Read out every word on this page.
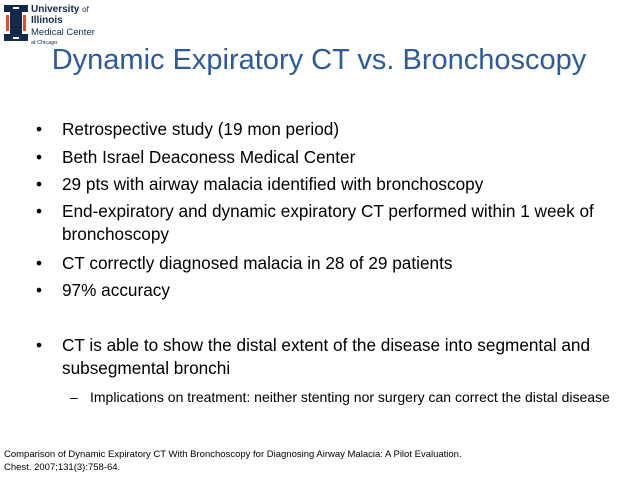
University of
Illinois
Medical Center
at Chicago
Dynamic Expiratory CT vs. Bronchoscopy
• Retrospective study (19 mon period)
• Beth Israel Deaconess Medical Center
• 29 pts with airway malacia identified with bronchoscopy
• End-expiratory and dynamic expiratory CT performed within 1 week of bronchoscopy
• CT correctly diagnosed malacia in 28 of 29 patients
• 97% accuracy
• CT is able to show the distal extent of the disease into segmental and subsegmental bronchi
– Implications on treatment: neither stenting nor surgery can correct the distal disease
Comparison of Dynamic Expiratory CT With Bronchoscopy for Diagnosing Airway Malacia: A Pilot Evaluation.
Chest. 2007;131(3):758-64.
